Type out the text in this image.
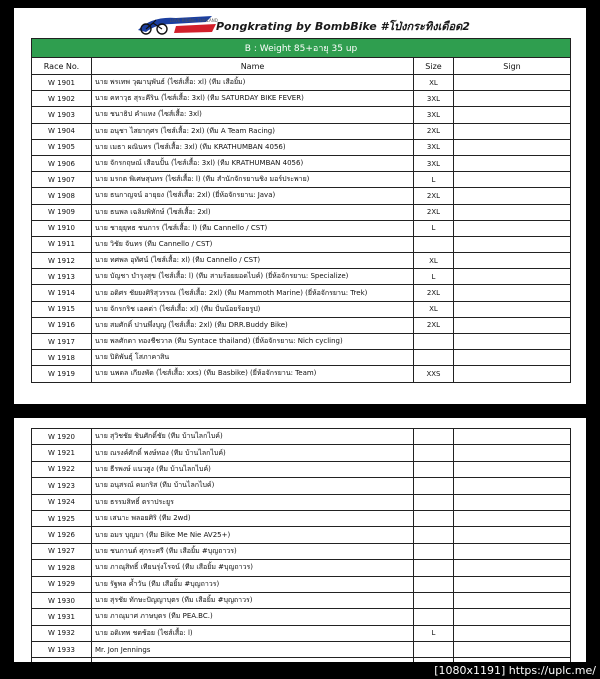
LOVE RIDING THAILAND
Pongkrating by BombBike #โป่งกระทิงเดือด2
B : Weight 85+อายุ 35 up			
Race No.	Name	Size	Sign
W 1901	นาย พรเทพ วุฒานุพันธ์ (ไซส์เสื้อ: xl) (ทีม เสือยิ้ม)	XL	
W 1902	นาย คทาวุธ สุระคีริน (ไซส์เสื้อ: 3xl) (ทีม SATURDAY BIKE FEVER)	3XL	
W 1903	นาย ชนาธิป คำแหง (ไซส์เสื้อ: 3xl)	3XL	
W 1904	นาย อนุชา ไสยากุศร (ไซส์เสื้อ: 2xl) (ทีม A Team Racing)	2XL	
W 1905	นาย เมธา ผณินทร (ไซส์เสื้อ: 3xl) (ทีม KRATHUMBAN 4056)	3XL	
W 1906	นาย จักรกฤษณ์ เสือนปั้น (ไซส์เสื้อ: 3xl) (ทีม KRATHUMBAN 4056)	3XL	
W 1907	นาย มรกต พิเศษสุนทร (ไซส์เสื้อ: l) (ทีม สำนักจักรยานชิง มอร์ประพาย)	L	
W 1908	นาย ธนกาญจน์ อายุยง (ไซส์เสื้อ: 2xl) (ยี่ห้อจักรยาน: Java)	2XL	
W 1909	นาย ธนพล เฉลิมพิทักษ์ (ไซส์เสื้อ: 2xl)	2XL	
W 1910	นาย ชายุยุทธ ชนการ (ไซส์เสื้อ: l) (ทีม Cannello / CST)	L	
W 1911	นาย วิชัย จันทร (ทีม Cannello / CST)		
W 1912	นาย ทศพล อุทัศน์ (ไซส์เสื้อ: xl) (ทีม Cannello / CST)	XL	
W 1913	นาย บัญชา บำรุงสุข (ไซส์เสื้อ: l) (ทีม สามร้อยยอดไบค์) (ยี่ห้อจักรยาน: Specialize)	L	
W 1914	นาย อดิศร ชัยยงศิริสุวรรณ (ไซส์เสื้อ: 2xl) (ทีม Mammoth Marine) (ยี่ห้อจักรยาน: Trek)	2XL	
W 1915	นาย จักรกริช เอคต่า (ไซส์เสื้อ: xl) (ทีม ปั่นน้อยร้อยรูป)	XL	
W 1916	นาย สมศักดิ์ ปานพึ่งบุญ (ไซส์เสื้อ: 2xl) (ทีม DRR.Buddy Bike)	2XL	
W 1917	นาย พลศักดา ทองชีชวาล (ทีม Syntace thailand) (ยี่ห้อจักรยาน: Nich cycling)		
W 1918	นาย ปิติพันธุ์ โสภาคาสิน		
W 1919	นาย นพดล เกียงพัด (ไซส์เสื้อ: xxs) (ทีม Basbike) (ยี่ห้อจักรยาน: Team)	XXS	
W 1920	นาย สุวิชชัย ชินศักดิ์ชัย (ทีม บ้านไลกไบค์)		
W 1921	นาย ณรงค์ศักดิ์ พงษ์ทอง (ทีม บ้านไลกไบค์)		
W 1922	นาย ธีรพงษ์ แนวสูง (ทีม บ้านไลกไบค์)		
W 1923	นาย อนุสรณ์ คมกริส (ทีม บ้านไลกไบค์)		
W 1924	นาย ธรรมสิทธิ์ ตราประยูร		
W 1925	นาย เสนาะ พลอยศิริ (ทีม 2wd)		
W 1926	นาย อมร บุญมา (ทีม Bike Me Nie AV25+)		
W 1927	นาย ชนกานต์ ศุกระศรี (ทีม เสือยิ้ม #บุญถาวร)		
W 1928	นาย ภาณุสิทธิ์ เทียนรุ่งโรจน์ (ทีม เสือยิ้ม #บุญถาวร)		
W 1929	นาย รัฐพล ค้ำวัน (ทีม เสือยิ้ม #บุญถาวร)		
W 1930	นาย สุรชัย ทักษะปัญญาบุตร (ทีม เสือยิ้ม #บุญถาวร)		
W 1931	นาย ภาณุมาศ ภาษบุตร (ทีม PEA.BC.)		
W 1932	นาย อดิเทพ ชดช้อย (ไซส์เสื้อ: l)	L	
W 1933	Mr. Jon Jennings		

[1080x1191] https://uplc.me/
